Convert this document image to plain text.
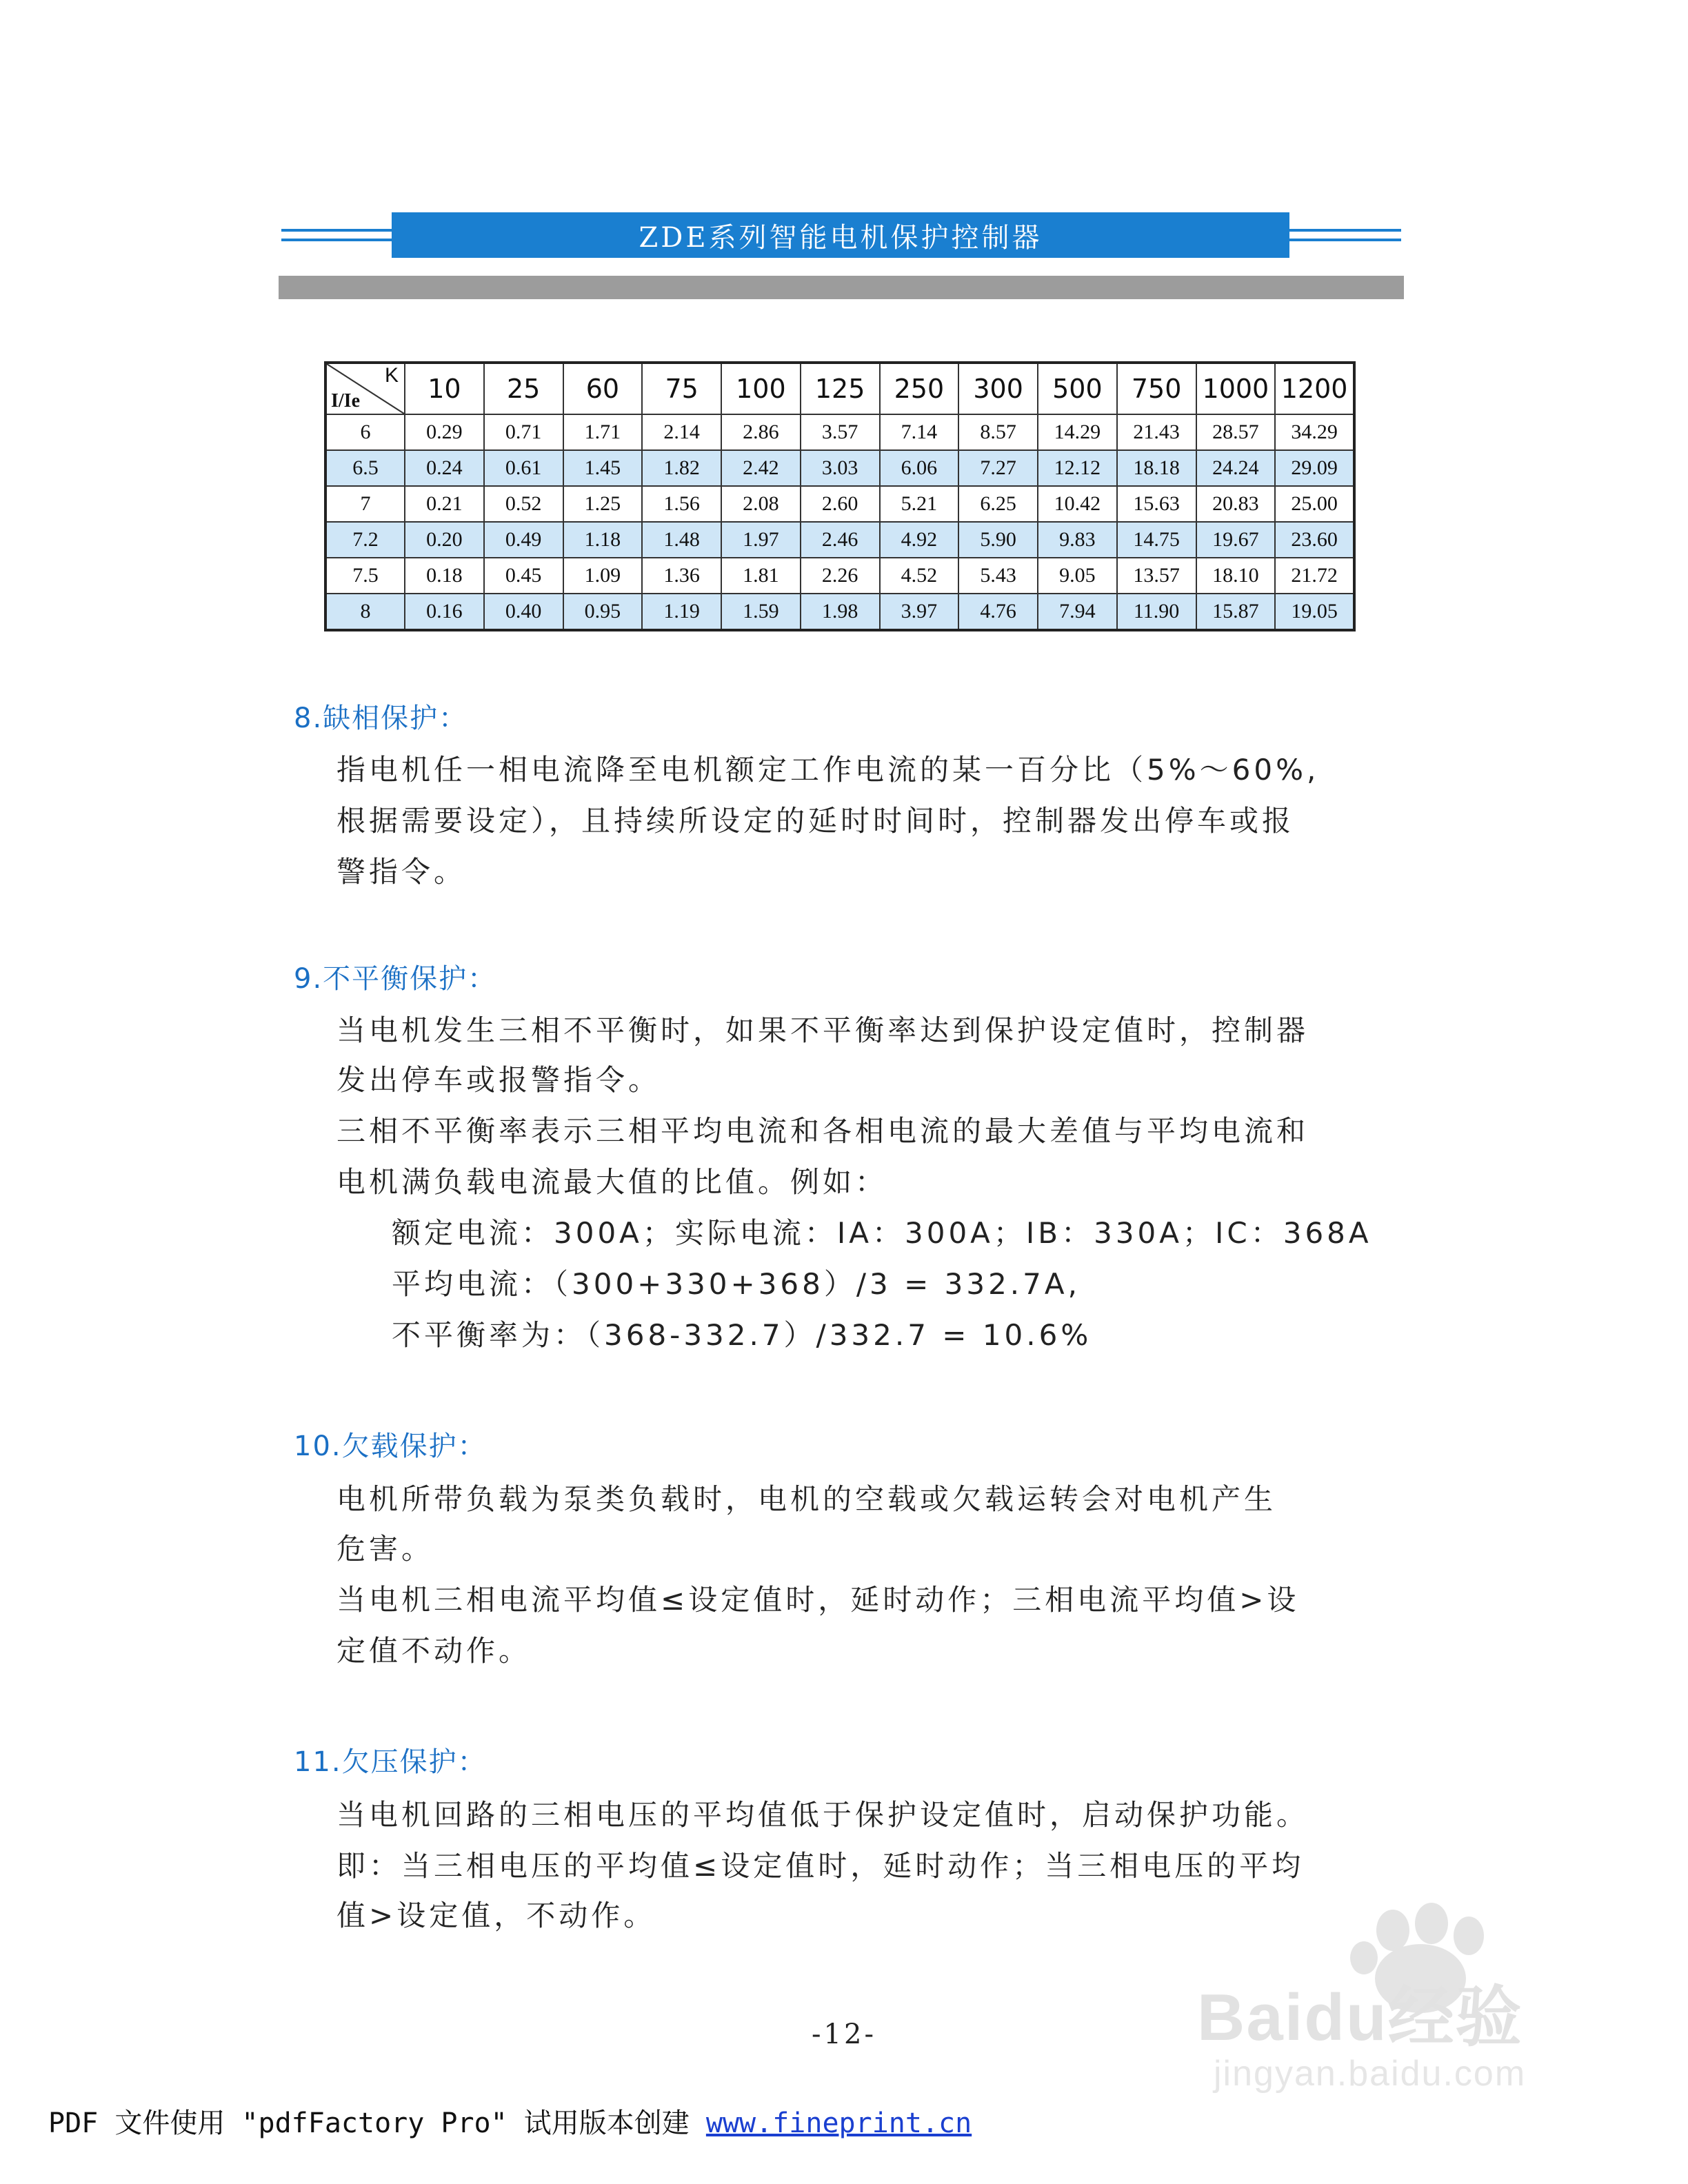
ZDE系列智能电机保护控制器
K
I/Ie	10	25	60	75	100	125	250	300	500	750	1000	1200
6	0.29	0.71	1.71	2.14	2.86	3.57	7.14	8.57	14.29	21.43	28.57	34.29
6.5	0.24	0.61	1.45	1.82	2.42	3.03	6.06	7.27	12.12	18.18	24.24	29.09
7	0.21	0.52	1.25	1.56	2.08	2.60	5.21	6.25	10.42	15.63	20.83	25.00
7.2	0.20	0.49	1.18	1.48	1.97	2.46	4.92	5.90	9.83	14.75	19.67	23.60
7.5	0.18	0.45	1.09	1.36	1.81	2.26	4.52	5.43	9.05	13.57	18.10	21.72
8	0.16	0.40	0.95	1.19	1.59	1.98	3.97	4.76	7.94	11.90	15.87	19.05
8.缺相保护：
指电机任一相电流降至电机额定工作电流的某一百分比（5%～60%,
根据需要设定），且持续所设定的延时时间时，控制器发出停车或报
警指令。
9.不平衡保护：
当电机发生三相不平衡时，如果不平衡率达到保护设定值时，控制器
发出停车或报警指令。
三相不平衡率表示三相平均电流和各相电流的最大差值与平均电流和
电机满负载电流最大值的比值。例如：
额定电流：300A；实际电流：IA：300A；IB：330A；IC：368A
平均电流：（300+330+368）/3 = 332.7A,
不平衡率为：（368-332.7）/332.7 = 10.6%
10.欠载保护：
电机所带负载为泵类负载时，电机的空载或欠载运转会对电机产生
危害。
当电机三相电流平均值≤设定值时，延时动作；三相电流平均值>设
定值不动作。
11.欠压保护：
当电机回路的三相电压的平均值低于保护设定值时，启动保护功能。
即：当三相电压的平均值≤设定值时，延时动作；当三相电压的平均
值>设定值，不动作。
-12-	Baidu经验
jingyan.baidu.com
PDF 文件使用 "pdfFactory Pro" 试用版本创建 www.fineprint.cn
